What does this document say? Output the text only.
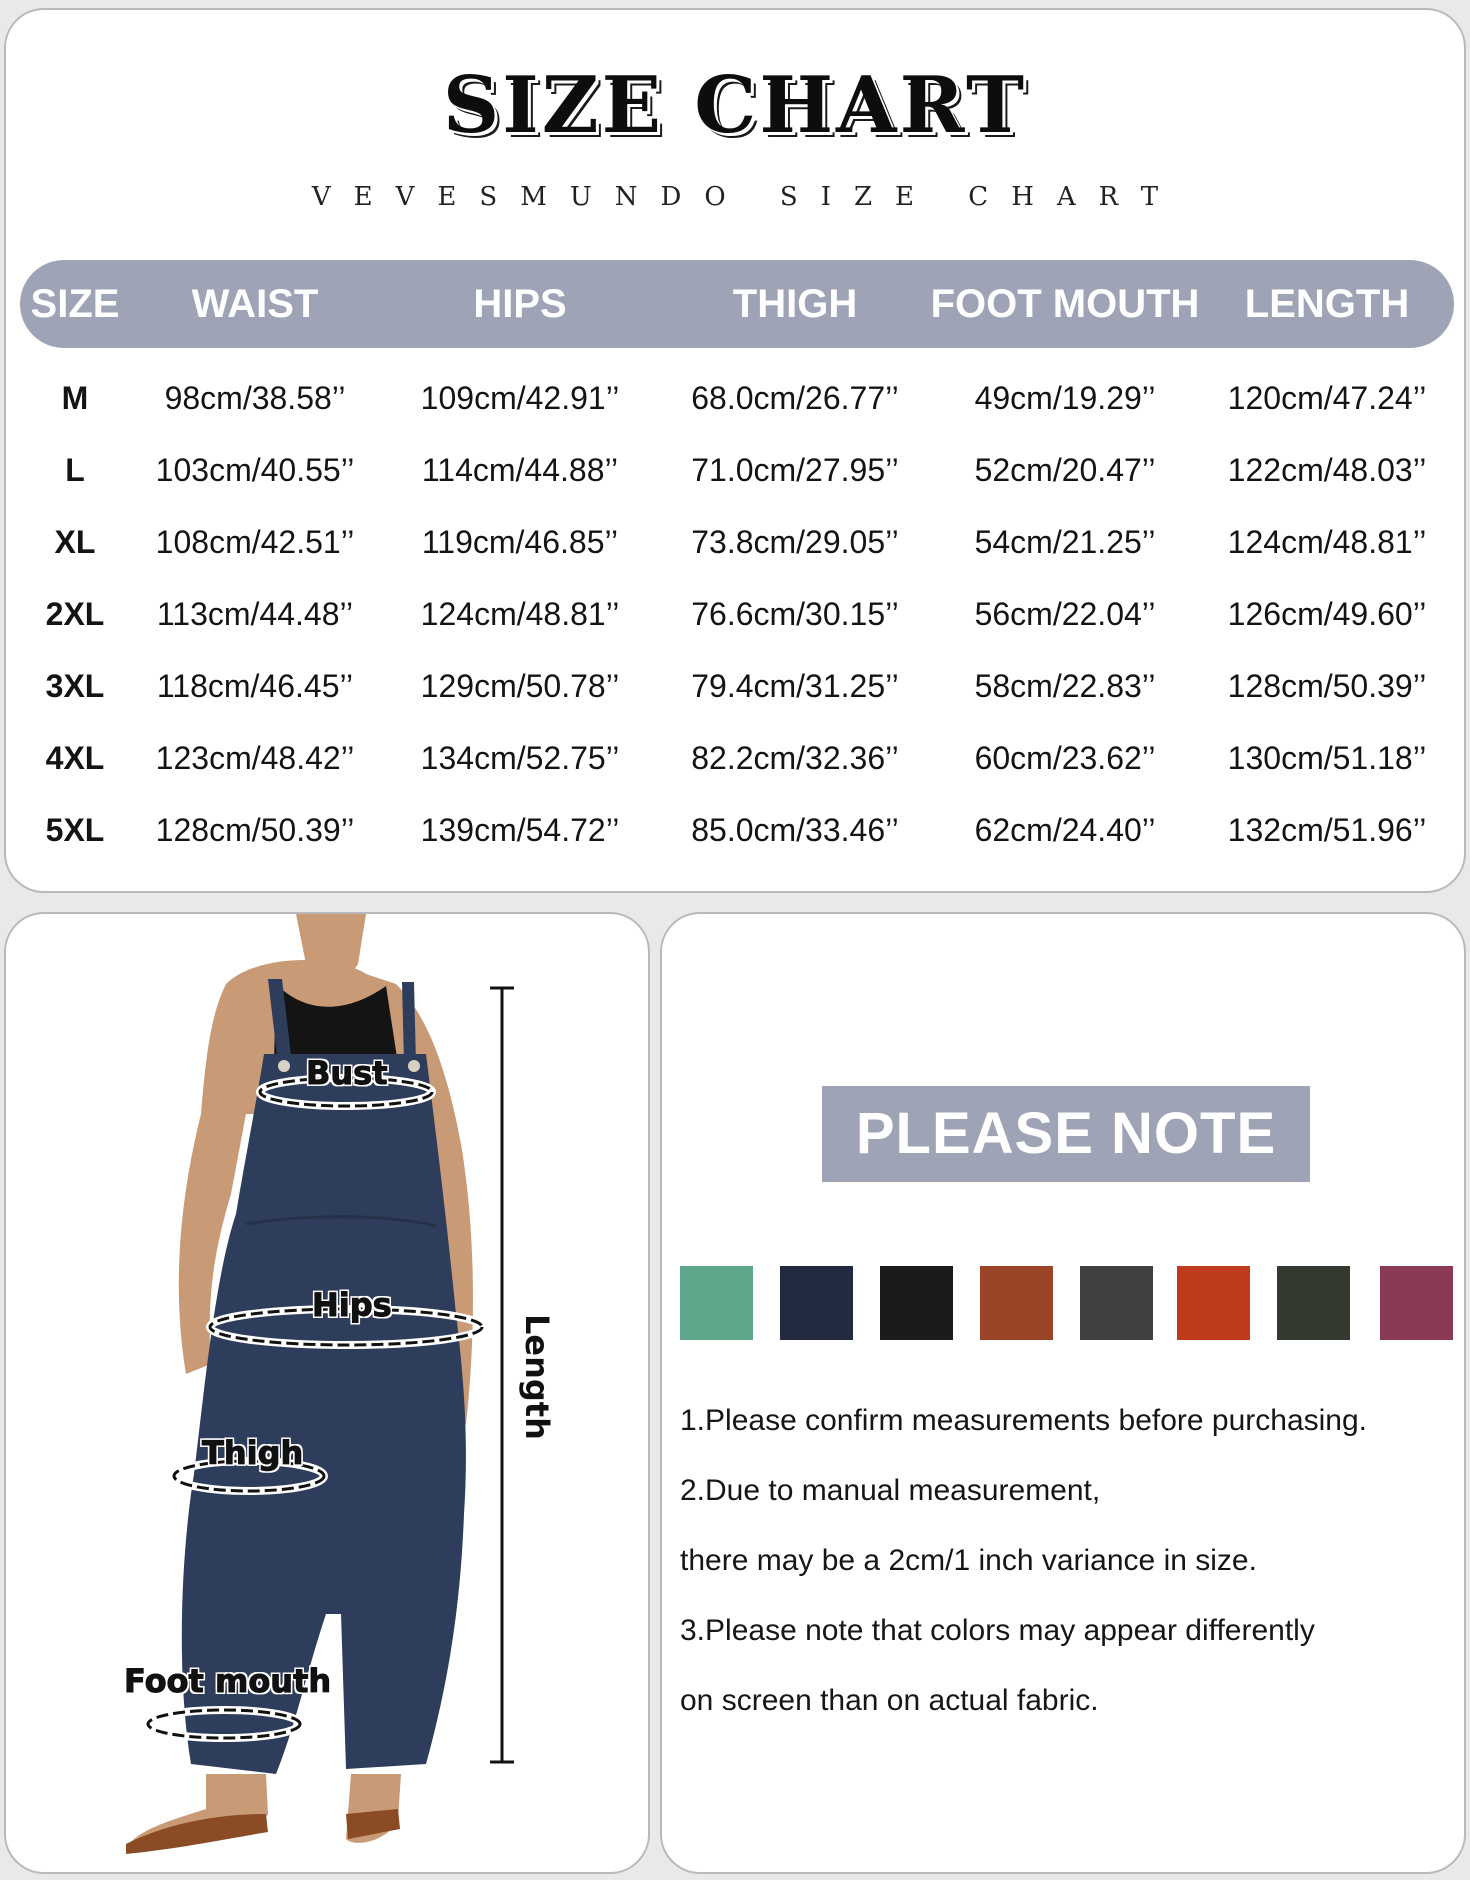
SIZE CHART
VEVESMUNDO SIZE CHART
SIZE	WAIST	HIPS	THIGH	FOOT MOUTH	LENGTH
M	98cm/38.58’’	109cm/42.91’’	68.0cm/26.77’’	49cm/19.29’’	120cm/47.24’’
L	103cm/40.55’’	114cm/44.88’’	71.0cm/27.95’’	52cm/20.47’’	122cm/48.03’’
XL	108cm/42.51’’	119cm/46.85’’	73.8cm/29.05’’	54cm/21.25’’	124cm/48.81’’
2XL	113cm/44.48’’	124cm/48.81’’	76.6cm/30.15’’	56cm/22.04’’	126cm/49.60’’
3XL	118cm/46.45’’	129cm/50.78’’	79.4cm/31.25’’	58cm/22.83’’	128cm/50.39’’
4XL	123cm/48.42’’	134cm/52.75’’	82.2cm/32.36’’	60cm/23.62’’	130cm/51.18’’
5XL	128cm/50.39’’	139cm/54.72’’	85.0cm/33.46’’	62cm/24.40’’	132cm/51.96’’
Bust
Hips
Thigh
Foot mouth
Length
PLEASE NOTE
1.Please confirm measurements before purchasing.
2.Due to manual measurement,
there may be a 2cm/1 inch variance in size.
3.Please note that colors may appear differently
on screen than on actual fabric.
